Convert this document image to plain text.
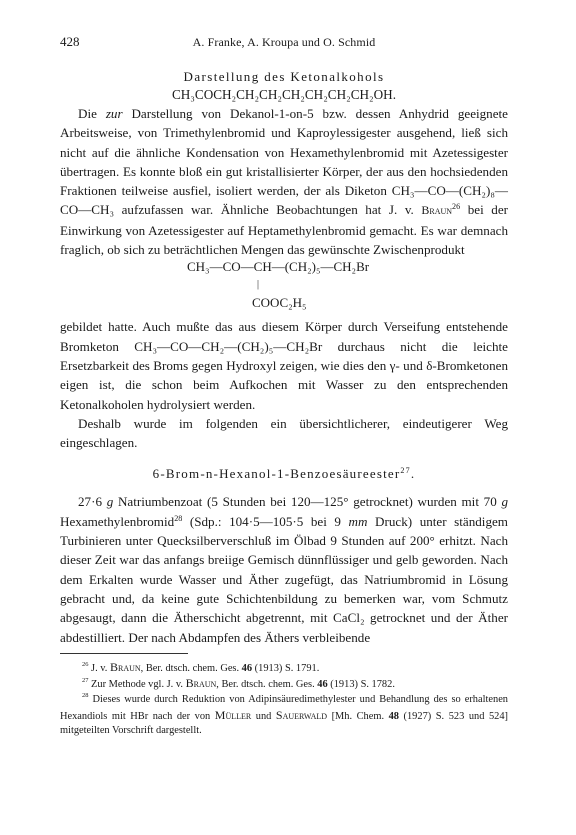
428	A. Franke, A. Kroupa und O. Schmid
Darstellung des Ketonalkohols
CH₃COCH₂CH₂CH₂CH₂CH₂CH₂CH₂OH.

Die zur Darstellung von Dekanol-1-on-5 bzw. dessen Anhydrid geeignete Arbeitsweise, von Trimethylenbromid und Kaproylessigester ausgehend, ließ sich nicht auf die ähnliche Kondensation von Hexamethylenbromid mit Azetessigester übertragen. Es konnte bloß ein gut kristallisierter Körper, der aus den hochsiedenden Fraktionen teilweise ausfiel, isoliert werden, der als Diketon CH₃—CO—(CH₂)₈—CO—CH₃ aufzufassen war. Ähnliche Beobachtungen hat J. v. Braun$^{26}$ bei der Einwirkung von Azetessigester auf Heptamethylenbromid gemacht. Es war demnach fraglich, ob sich zu beträchtlichen Mengen das gewünschte Zwischenprodukt

CH₃—CO—CH—(CH₂)₅—CH₂Br
|
COOC₂H₅

gebildet hatte. Auch mußte das aus diesem Körper durch Verseifung entstehende Bromketon CH₃—CO—CH₂—(CH₂)₅—CH₂Br durchaus nicht die leichte Ersetzbarkeit des Broms gegen Hydroxyl zeigen, wie dies den γ- und δ-Bromketonen eigen ist, die schon beim Aufkochen mit Wasser zu den entsprechenden Ketonalkoholen hydrolysiert werden.

Deshalb wurde im folgenden ein übersichtlicherer, eindeutigerer Weg eingeschlagen.

6-Brom-n-Hexanol-1-Benzoesäureester$^{27}$.

27·6 g Natriumbenzoat (5 Stunden bei 120—125° getrocknet) wurden mit 70 g Hexamethylenbromid$^{28}$ (Sdp.: 104·5—105·5 bei 9 mm Druck) unter ständigem Turbinieren unter Quecksilberverschluß im Ölbad 9 Stunden auf 200° erhitzt. Nach dieser Zeit war das anfangs breiige Gemisch dünnflüssiger und gelb geworden. Nach dem Erkalten wurde Wasser und Äther zugefügt, das Natriumbromid in Lösung gebracht und, da keine gute Schichtenbildung zu bemerken war, vom Schmutz abgesaugt, dann die Ätherschicht abgetrennt, mit CaCl₂ getrocknet und der Äther abdestilliert. Der nach Abdampfen des Äthers verbleibende

$^{26}$ J. v. Braun, Ber. dtsch. chem. Ges. 46 (1913) S. 1791.

$^{27}$ Zur Methode vgl. J. v. Braun, Ber. dtsch. chem. Ges. 46 (1913) S. 1782.

$^{28}$ Dieses wurde durch Reduktion von Adipinsäuredimethylester und Behandlung des so erhaltenen Hexandiols mit HBr nach der von Müller und Sauerwald [Mh. Chem. 48 (1927) S. 523 und 524] mitgeteilten Vorschrift dargestellt.
